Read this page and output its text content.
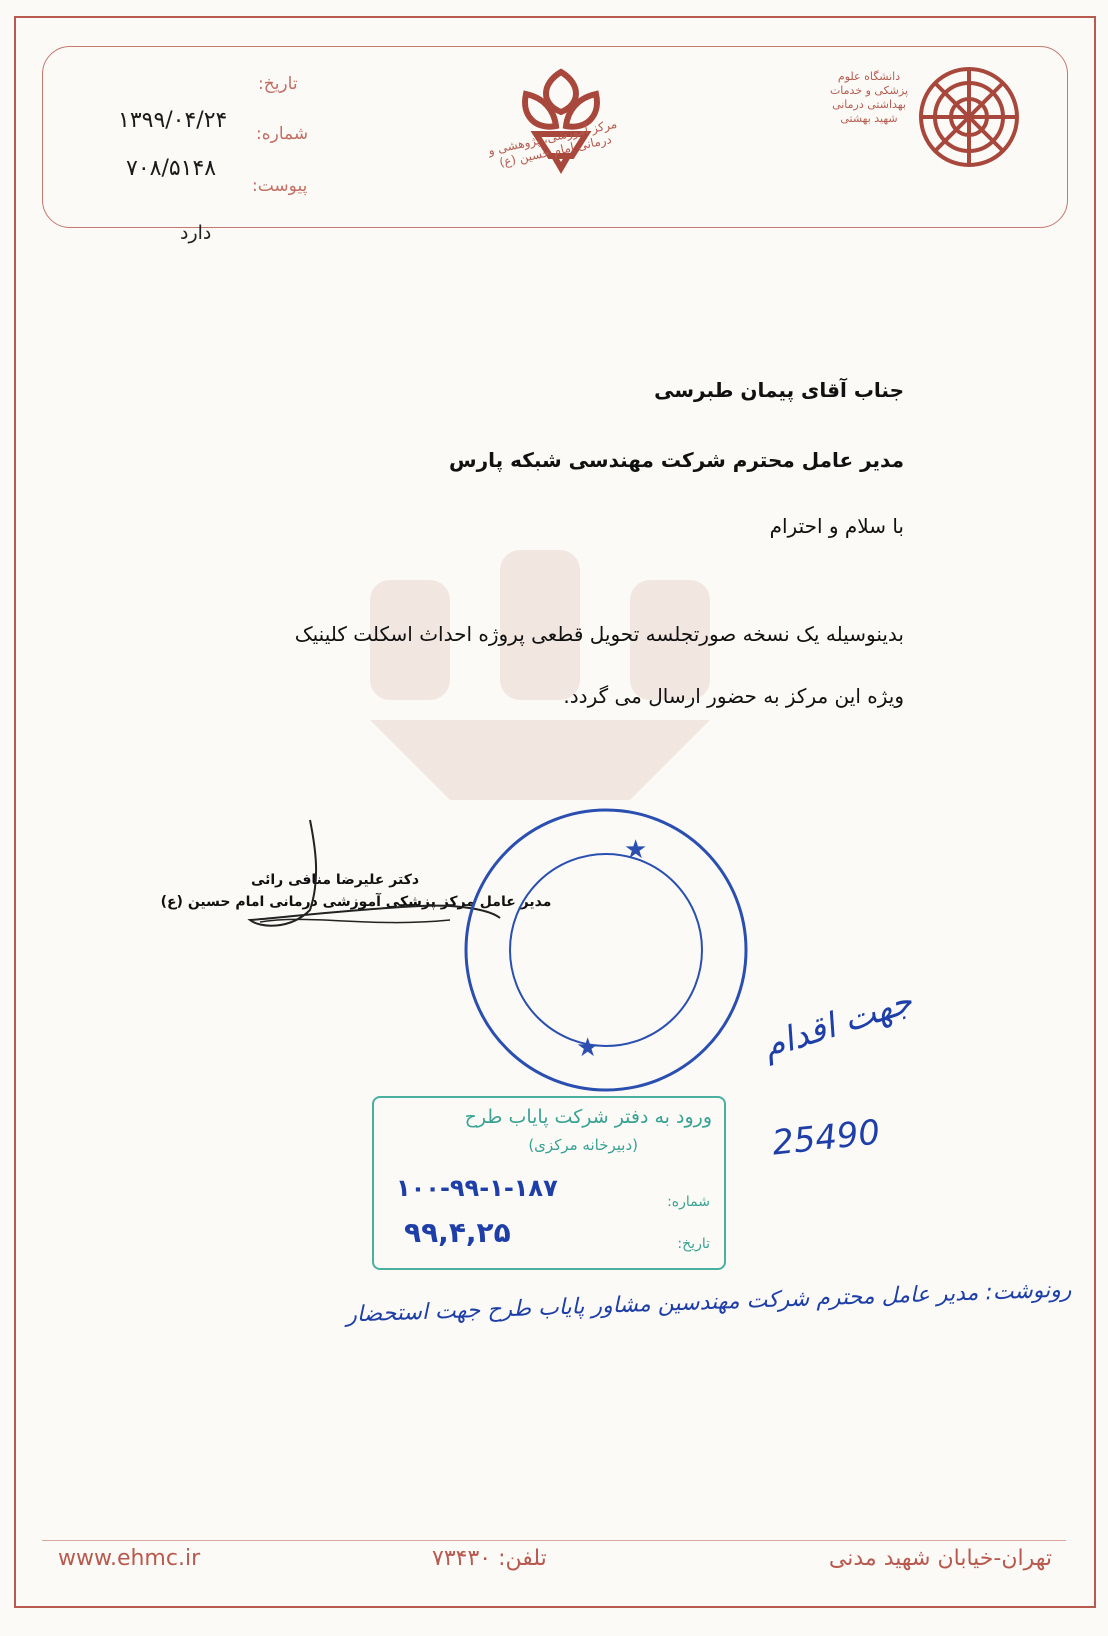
تاریخ:
شماره:
پیوست:
۱۳۹۹/۰۴/۲۴
۷۰۸/۵۱۴۸
دارد
مرکز آموزشی، پژوهشی و درمانی امام حسین (ع)
دانشگاه علوم پزشکی و خدمات بهداشتی درمانی شهید بهشتی
جناب آقای پیمان طبرسی
مدیر عامل محترم شرکت مهندسی شبکه پارس
با سلام و احترام
بدینوسیله یک نسخه صورتجلسه تحویل قطعی پروژه احداث اسکلت کلینیک
ویژه این مرکز به حضور ارسال می گردد.
دکتر علیرضا منافی رائی
مدیر عامل مرکز پزشکی آموزشی درمانی امام حسین (ع)
★
★
ورود به دفتر شرکت پایاب طرح
(دبیرخانه مرکزی)
شماره:
تاریخ:
۱۰۰-۹۹-۱-۱۸۷
۹۹,۴,۲۵
جهت اقدام
25490
رونوشت: مدیر عامل محترم شرکت مهندسین مشاور پایاب طرح جهت استحضار
www.ehmc.ir	تلفن: ۷۳۴۳۰	تهران-خیابان شهید مدنی
